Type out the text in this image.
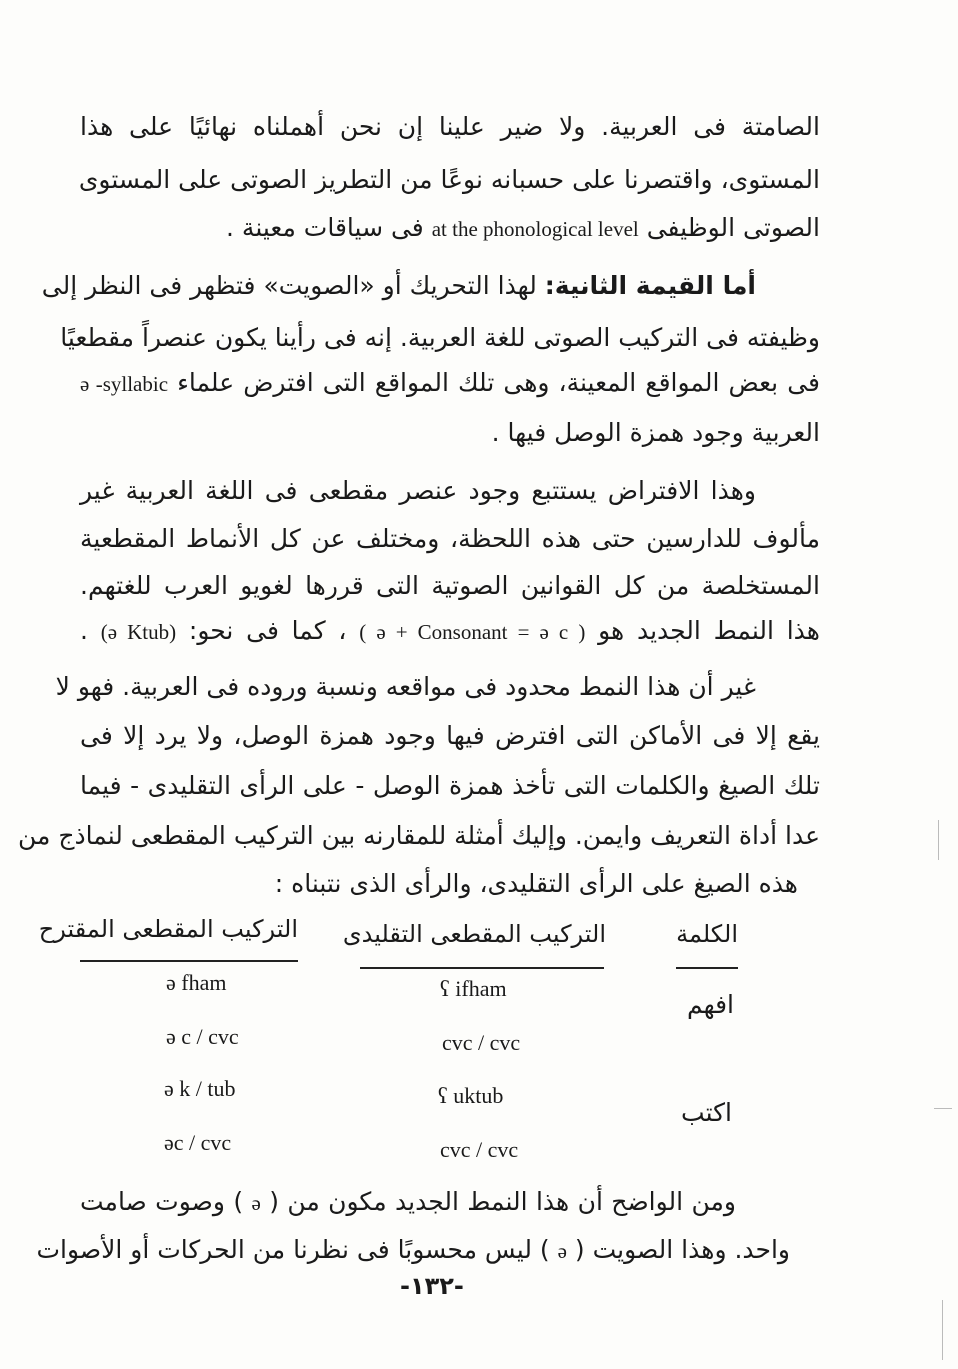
الصامتة فى العربية. ولا ضير علينا إن نحن أهملناه نهائيًا على هذا
المستوى، واقتصرنا على حسبانه نوعًا من التطريز الصوتى على المستوى
الصوتى الوظيفى at the phonological level فى سياقات معينة .
أما القيمة الثانية: لهذا التحريك أو «الصويت» فتظهر فى النظر إلى
وظيفته فى التركيب الصوتى للغة العربية. إنه فى رأينا يكون عنصراً مقطعيًا
ə -syllabic فى بعض المواقع المعينة، وهى تلك المواقع التى افترض علماء
العربية وجود همزة الوصل فيها .
وهذا الافتراض يستتبع وجود عنصر مقطعى فى اللغة العربية غير
مألوف للدارسين حتى هذه اللحظة، ومختلف عن كل الأنماط المقطعية
المستخلصة من كل القوانين الصوتية التى قررها لغويو العرب للغتهم.
هذا النمط الجديد هو ( ə + Consonant = ə c ) ، كما فى نحو: (ə Ktub) .
غير أن هذا النمط محدود فى مواقعه ونسبة وروده فى العربية. فهو لا
يقع إلا فى الأماكن التى افترض فيها وجود همزة الوصل، ولا يرد إلا فى
تلك الصيغ والكلمات التى تأخذ همزة الوصل - على الرأى التقليدى - فيما
عدا أداة التعريف وايمن. وإليك أمثلة للمقارنه بين التركيب المقطعى لنماذج من
هذه الصيغ على الرأى التقليدى، والرأى الذى نتبناه :
الكلمة
التركيب المقطعى التقليدى
التركيب المقطعى المقترح
افهم
ʕ ifham
cvc / cvc
ə fham
ə c / cvc
اكتب
ʕ uktub
cvc / cvc
ə k / tub
əc / cvc
ومن الواضح أن هذا النمط الجديد مكون من ( ə ) وصوت صامت
واحد. وهذا الصويت ( ə ) ليس محسوبًا فى نظرنا من الحركات أو الأصوات
-١٣٢-
